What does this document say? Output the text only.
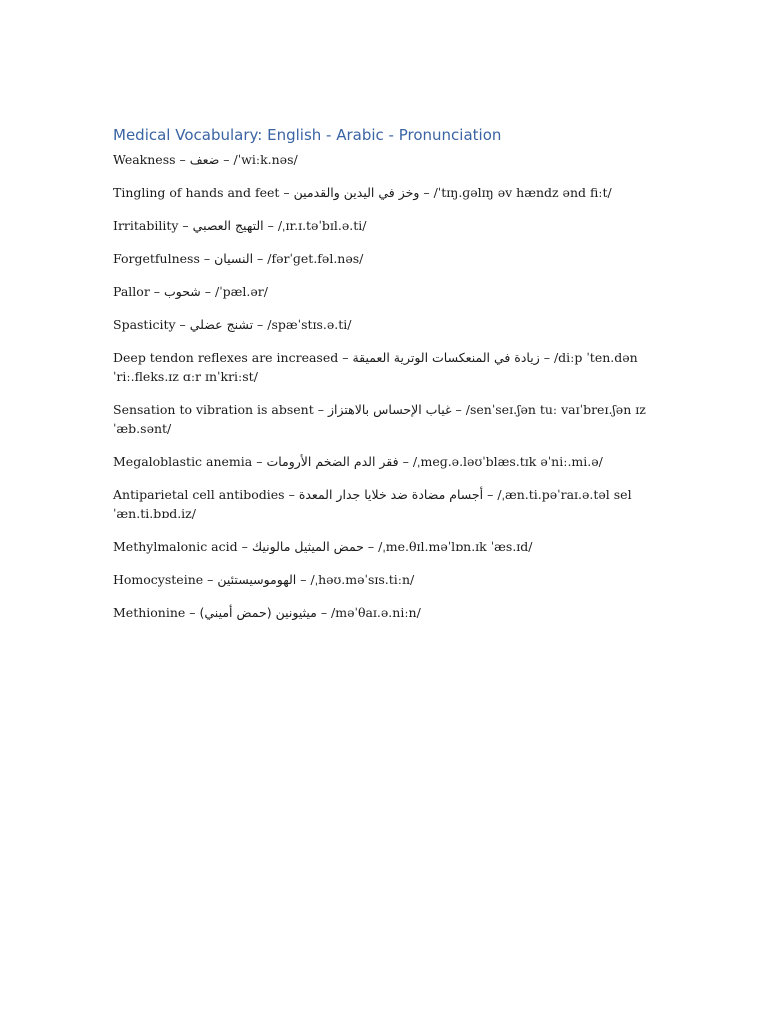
Medical Vocabulary: English - Arabic - Pronunciation
Weakness – ضعف – /ˈwiːk.nəs/
Tingling of hands and feet – وخز في اليدين والقدمين – /ˈtɪŋ.ɡəlɪŋ əv hændz ənd fiːt/
Irritability – التهيج العصبي – /ˌɪr.ɪ.təˈbɪl.ə.ti/
Forgetfulness – النسيان – /fərˈɡet.fəl.nəs/
Pallor – شحوب – /ˈpæl.ər/
Spasticity – تشنج عضلي – /spæˈstɪs.ə.ti/
Deep tendon reflexes are increased – زيادة في المنعكسات الوترية العميقة – /diːp ˈten.dən ˈriː.fleks.ɪz ɑːr ɪnˈkriːst/
Sensation to vibration is absent – غياب الإحساس بالاهتزاز – /senˈseɪ.ʃən tuː vaɪˈbreɪ.ʃən ɪz ˈæb.sənt/
Megaloblastic anemia – فقر الدم الضخم الأرومات – /ˌmeɡ.ə.ləʊˈblæs.tɪk əˈniː.mi.ə/
Antiparietal cell antibodies – أجسام مضادة ضد خلايا جدار المعدة – /ˌæn.ti.pəˈraɪ.ə.təl sel ˈæn.ti.bɒd.iz/
Methylmalonic acid – حمض الميثيل مالونيك – /ˌme.θɪl.məˈlɒn.ɪk ˈæs.ɪd/
Homocysteine – الهوموسيستئين – /ˌhəʊ.məˈsɪs.tiːn/
Methionine – ميثيونين (حمض أميني) – /məˈθaɪ.ə.niːn/
